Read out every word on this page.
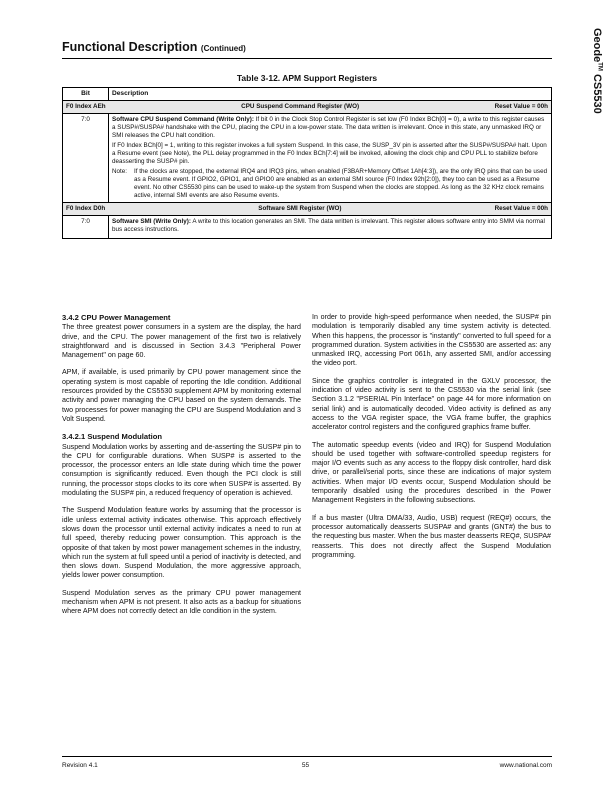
Functional Description (Continued)	Geode™ CS5530
Table 3-12. APM Support Registers
Bit	Description

F0 Index AEh CPU Suspend Command Register (WO) Reset Value = 00h	

7:0	Software CPU Suspend Command (Write Only): If bit 0 in the Clock Stop Control Register is set low (F0 Index BCh[0] = 0), a write to this register causes a SUSP#/SUSPA# handshake with the CPU, placing the CPU in a low-power state. The data written is irrelevant. Once in this state, any unmasked IRQ or SMI releases the CPU halt condition.

If F0 Index BCh[0] = 1, writing to this register invokes a full system Suspend. In this case, the SUSP_3V pin is asserted after the SUSP#/SUSPA# halt. Upon a Resume event (see Note), the PLL delay programmed in the F0 Index BCh[7:4] will be invoked, allowing the clock chip and CPU PLL to stabilize before deasserting the SUSP# pin.

Note: If the clocks are stopped, the external IRQ4 and IRQ3 pins, when enabled (F3BAR+Memory Offset 1Ah[4:3]), are the only IRQ pins that can be used as a Resume event. If GPIO2, GPIO1, and GPIO0 are enabled as an external SMI source (F0 Index 92h[2:0]), they too can be used as a Resume event. No other CS5530 pins can be used to wake-up the system from Suspend when the clocks are stopped. As long as the 32 KHz clock remains active, internal SMI events are also Resume events.

F0 Index D0h Software SMI Register (WO) Reset Value = 00h	

7:0	Software SMI (Write Only): A write to this location generates an SMI. The data written is irrelevant. This register allows software entry into SMM via normal bus access instructions.

3.4.2 CPU Power Management

The three greatest power consumers in a system are the display, the hard drive, and the CPU. The power management of the first two is relatively straightforward and is discussed in Section 3.4.3 "Peripheral Power Management" on page 60.

APM, if available, is used primarily by CPU power management since the operating system is most capable of reporting the Idle condition. Additional resources provided by the CS5530 supplement APM by monitoring external activity and power managing the CPU based on the system demands. The two processes for power managing the CPU are Suspend Modulation and 3 Volt Suspend.

3.4.2.1 Suspend Modulation

Suspend Modulation works by asserting and de-asserting the SUSP# pin to the CPU for configurable durations. When SUSP# is asserted to the processor, the processor enters an Idle state during which time the power consumption is significantly reduced. Even though the PCI clock is still running, the processor stops clocks to its core when SUSP# is asserted. By modulating the SUSP# pin, a reduced frequency of operation is achieved.

The Suspend Modulation feature works by assuming that the processor is idle unless external activity indicates otherwise. This approach effectively slows down the processor until external activity indicates a need to run at full speed, thereby reducing power consumption. This approach is the opposite of that taken by most power management schemes in the industry, which run the system at full speed until a period of inactivity is detected, and then slows down. Suspend Modulation, the more aggressive approach, yields lower power consumption.

Suspend Modulation serves as the primary CPU power management mechanism when APM is not present. It also acts as a backup for situations where APM does not correctly detect an Idle condition in the system.

In order to provide high-speed performance when needed, the SUSP# pin modulation is temporarily disabled any time system activity is detected. When this happens, the processor is "instantly" converted to full speed for a programmed duration. System activities in the CS5530 are asserted as: any unmasked IRQ, accessing Port 061h, any asserted SMI, and/or accessing the video port.

Since the graphics controller is integrated in the GXLV processor, the indication of video activity is sent to the CS5530 via the serial link (see Section 3.1.2 "PSERIAL Pin Interface" on page 44 for more information on serial link) and is automatically decoded. Video activity is defined as any access to the VGA register space, the VGA frame buffer, the graphics accelerator control registers and the configured graphics frame buffer.

The automatic speedup events (video and IRQ) for Suspend Modulation should be used together with software-controlled speedup registers for major I/O events such as any access to the floppy disk controller, hard disk drive, or parallel/serial ports, since these are indications of major system activities. When major I/O events occur, Suspend Modulation should be temporarily disabled using the procedures described in the Power Management Registers in the following subsections.

If a bus master (Ultra DMA/33, Audio, USB) request (REQ#) occurs, the processor automatically deasserts SUSPA# and grants (GNT#) the bus to the requesting bus master. When the bus master deasserts REQ#, SUSPA# reasserts. This does not directly affect the Suspend Modulation programming.

Revision 4.1	55	www.national.com
